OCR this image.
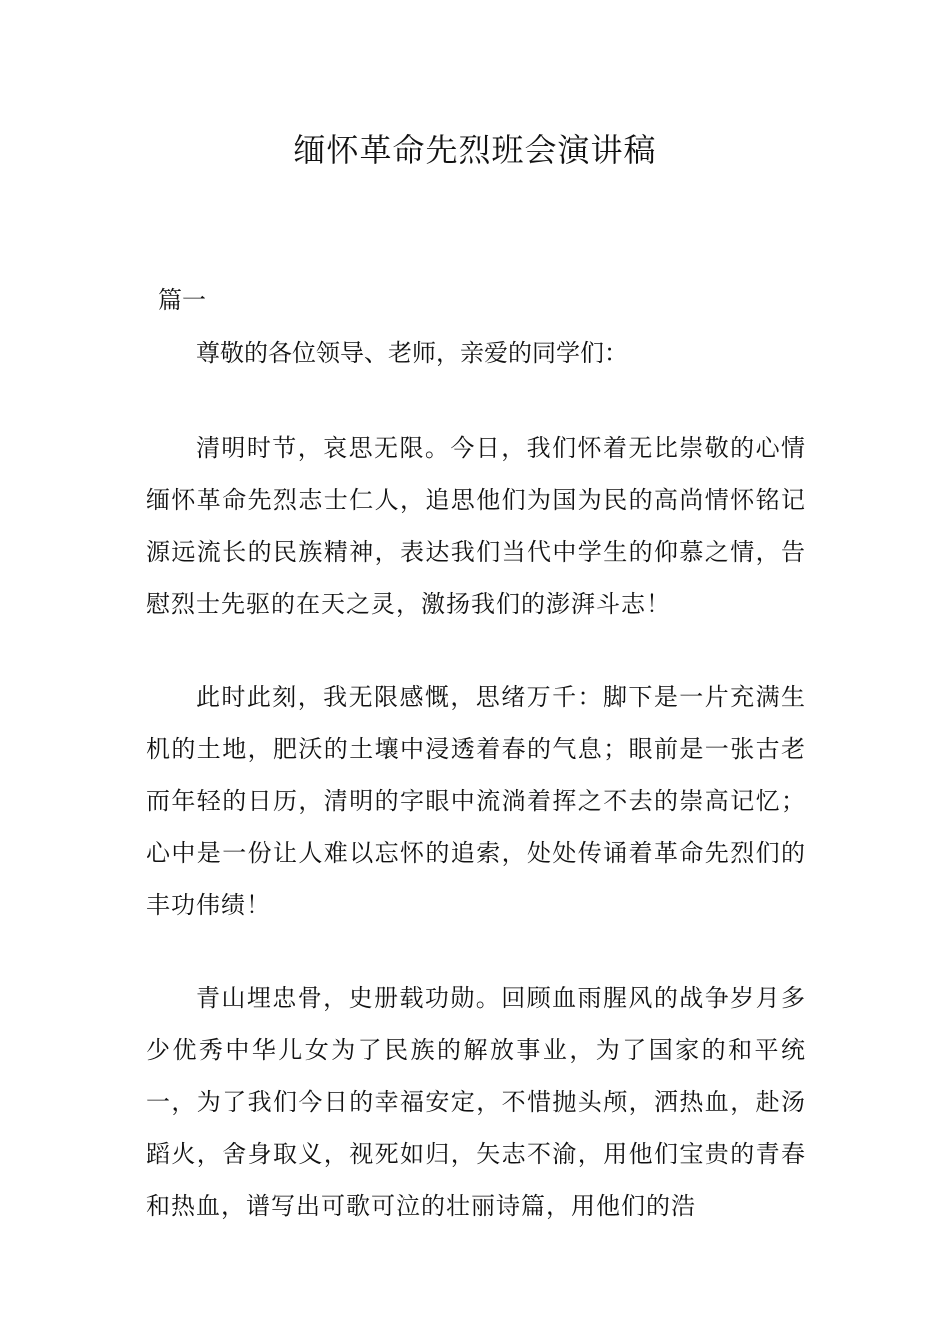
缅怀革命先烈班会演讲稿
篇一
尊敬的各位领导、老师，亲爱的同学们：

清明时节，哀思无限。今日，我们怀着无比崇敬的心情缅怀革命先烈志士仁人，追思他们为国为民的高尚情怀铭记源远流长的民族精神，表达我们当代中学生的仰慕之情，告慰烈士先驱的在天之灵，激扬我们的澎湃斗志！

此时此刻，我无限感慨，思绪万千：脚下是一片充满生机的土地，肥沃的土壤中浸透着春的气息；眼前是一张古老而年轻的日历，清明的字眼中流淌着挥之不去的崇高记忆；心中是一份让人难以忘怀的追索，处处传诵着革命先烈们的丰功伟绩！

青山埋忠骨，史册载功勋。回顾血雨腥风的战争岁月多少优秀中华儿女为了民族的解放事业，为了国家的和平统一，为了我们今日的幸福安定，不惜抛头颅，洒热血，赴汤蹈火，舍身取义，视死如归，矢志不渝，用他们宝贵的青春和热血，谱写出可歌可泣的壮丽诗篇，用他们的浩
